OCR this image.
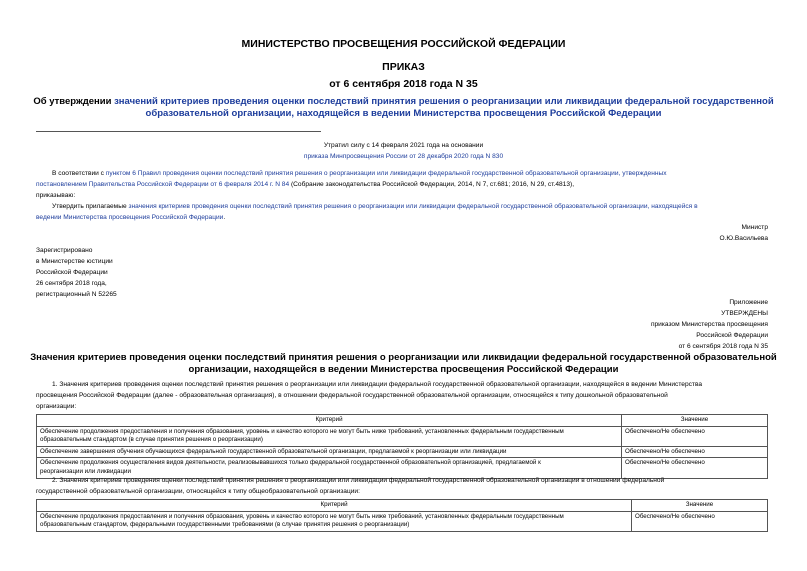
МИНИСТЕРСТВО ПРОСВЕЩЕНИЯ РОССИЙСКОЙ ФЕДЕРАЦИИ
ПРИКАЗ
от 6 сентября 2018 года N 35
Об утверждении значений критериев проведения оценки последствий принятия решения о реорганизации или ликвидации федеральной государственной
образовательной организации, находящейся в ведении Министерства просвещения Российской Федерации
Утратил силу с 14 февраля 2021 года на основании
приказа Минпросвещения России от 28 декабря 2020 года N 830
В соответствии с пунктом 6 Правил проведения оценки последствий принятия решения о реорганизации или ликвидации федеральной государственной образовательной организации, утвержденных
постановлением Правительства Российской Федерации от 6 февраля 2014 г. N 84 (Собрание законодательства Российской Федерации, 2014, N 7, ст.681; 2016, N 29, ст.4813),
приказываю:
Утвердить прилагаемые значения критериев проведения оценки последствий принятия решения о реорганизации или ликвидации федеральной государственной образовательной организации, находящейся в
ведении Министерства просвещения Российской Федерации.
Министр
О.Ю.Васильева
Зарегистрировано
в Министерстве юстиции
Российской Федерации
26 сентября 2018 года,
регистрационный N 52265
Приложение
УТВЕРЖДЕНЫ
приказом Министерства просвещения
Российской Федерации
от 6 сентября 2018 года N 35
Значения критериев проведения оценки последствий принятия решения о реорганизации или ликвидации федеральной государственной образовательной
организации, находящейся в ведении Министерства просвещения Российской Федерации
1. Значения критериев проведения оценки последствий принятия решения о реорганизации или ликвидации федеральной государственной образовательной организации, находящейся в ведении Министерства
просвещения Российской Федерации (далее - образовательная организация), в отношении федеральной государственной образовательной организации, относящейся к типу дошкольной образовательной
организации:
Критерий	Значение

Обеспечение продолжения предоставления и получения образования, уровень и качество которого не могут быть ниже требований, установленных федеральным государственным
образовательным стандартом (в случае принятия решения о реорганизации)	Обеспечено/Не обеспечено

Обеспечение завершения обучения обучающихся федеральной государственной образовательной организации, предлагаемой к реорганизации или ликвидации	Обеспечено/Не обеспечено

Обеспечение продолжения осуществления видов деятельности, реализовывавшихся только федеральной государственной образовательной организацией, предлагаемой к
реорганизации или ликвидации	Обеспечено/Не обеспечено
2. Значения критериев проведения оценки последствий принятия решения о реорганизации или ликвидации федеральной государственной образовательной организации в отношении федеральной
государственной образовательной организации, относящейся к типу общеобразовательной организации:
Критерий	Значение

Обеспечение продолжения предоставления и получения образования, уровень и качество которого не могут быть ниже требований, установленных федеральным государственным
образовательным стандартом, федеральными государственными требованиями (в случае принятия решения о реорганизации)	Обеспечено/Не обеспечено
